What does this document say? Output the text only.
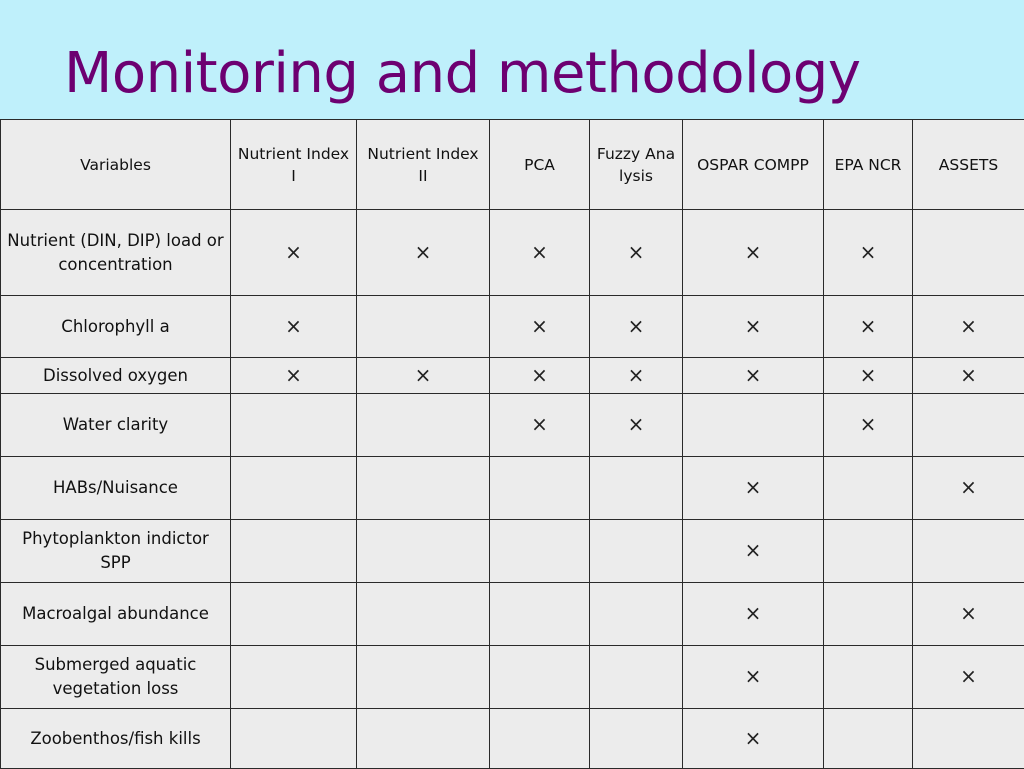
Monitoring and methodology
Variables	Nutrient Index I	Nutrient Index II	PCA	Fuzzy Analysis	OSPAR COMPP	EPA NCR	ASSETS
Nutrient (DIN, DIP) load or concentration	×	×	×	×	×	×	
Chlorophyll a	×		×	×	×	×	×
Dissolved oxygen	×	×	×	×	×	×	×
Water clarity			×	×		×	
HABs/Nuisance					×		×
Phytoplankton indictor SPP					×		
Macroalgal abundance					×		×
Submerged aquatic vegetation loss					×		×
Zoobenthos/fish kills					×		
